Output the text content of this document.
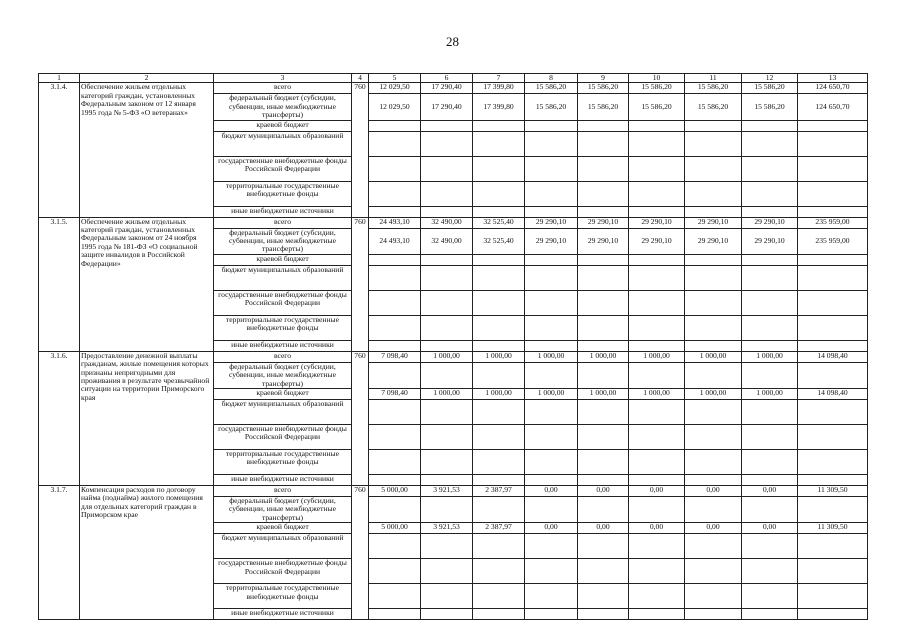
28
1	2	3	4	5	6	7	8	9	10	11	12	13
3.1.4.	Обеспечение жильем отдельных категорий граждан, установленных Федеральным законом от 12 января 1995 года № 5-ФЗ «О ветеранах»	всего	760	12 029,50	17 290,40	17 399,80	15 586,20	15 586,20	15 586,20	15 586,20	15 586,20	124 650,70
		федеральный бюджет (субсидии, субвенции, иные межбюджетные трансферты)		12 029,50	17 290,40	17 399,80	15 586,20	15 586,20	15 586,20	15 586,20	15 586,20	124 650,70
		краевой бюджет										
		бюджет муниципальных образований										
		государственные внебюджетные фонды Российской Федерации										
		территориальные государственные внебюджетные фонды										
		иные внебюджетные источники										
3.1.5.	Обеспечение жильем отдельных категорий граждан, установленных Федеральным законом от 24 ноября 1995 года № 181-ФЗ «О социальной защите инвалидов в Российской Федерации»	всего	760	24 493,10	32 490,00	32 525,40	29 290,10	29 290,10	29 290,10	29 290,10	29 290,10	235 959,00
		федеральный бюджет (субсидии, субвенции, иные межбюджетные трансферты)		24 493,10	32 490,00	32 525,40	29 290,10	29 290,10	29 290,10	29 290,10	29 290,10	235 959,00
		краевой бюджет										
		бюджет муниципальных образований										
		государственные внебюджетные фонды Российской Федерации										
		территориальные государственные внебюджетные фонды										
		иные внебюджетные источники										
3.1.6.	Предоставление денежной выплаты гражданам, жилые помещения которых признаны непригодными для проживания в результате чрезвычайной ситуации на территории Приморского края	всего	760	7 098,40	1 000,00	1 000,00	1 000,00	1 000,00	1 000,00	1 000,00	1 000,00	14 098,40
		федеральный бюджет (субсидии, субвенции, иные межбюджетные трансферты)										
		краевой бюджет		7 098,40	1 000,00	1 000,00	1 000,00	1 000,00	1 000,00	1 000,00	1 000,00	14 098,40
		бюджет муниципальных образований										
		государственные внебюджетные фонды Российской Федерации										
		территориальные государственные внебюджетные фонды										
		иные внебюджетные источники										
3.1.7.	Компенсация расходов по договору найма (поднайма) жилого помещения для отдельных категорий граждан в Приморском крае	всего	760	5 000,00	3 921,53	2 387,97	0,00	0,00	0,00	0,00	0,00	11 309,50
		федеральный бюджет (субсидии, субвенции, иные межбюджетные трансферты)										
		краевой бюджет		5 000,00	3 921,53	2 387,97	0,00	0,00	0,00	0,00	0,00	11 309,50
		бюджет муниципальных образований										
		государственные внебюджетные фонды Российской Федерации										
		территориальные государственные внебюджетные фонды										
		иные внебюджетные источники										
